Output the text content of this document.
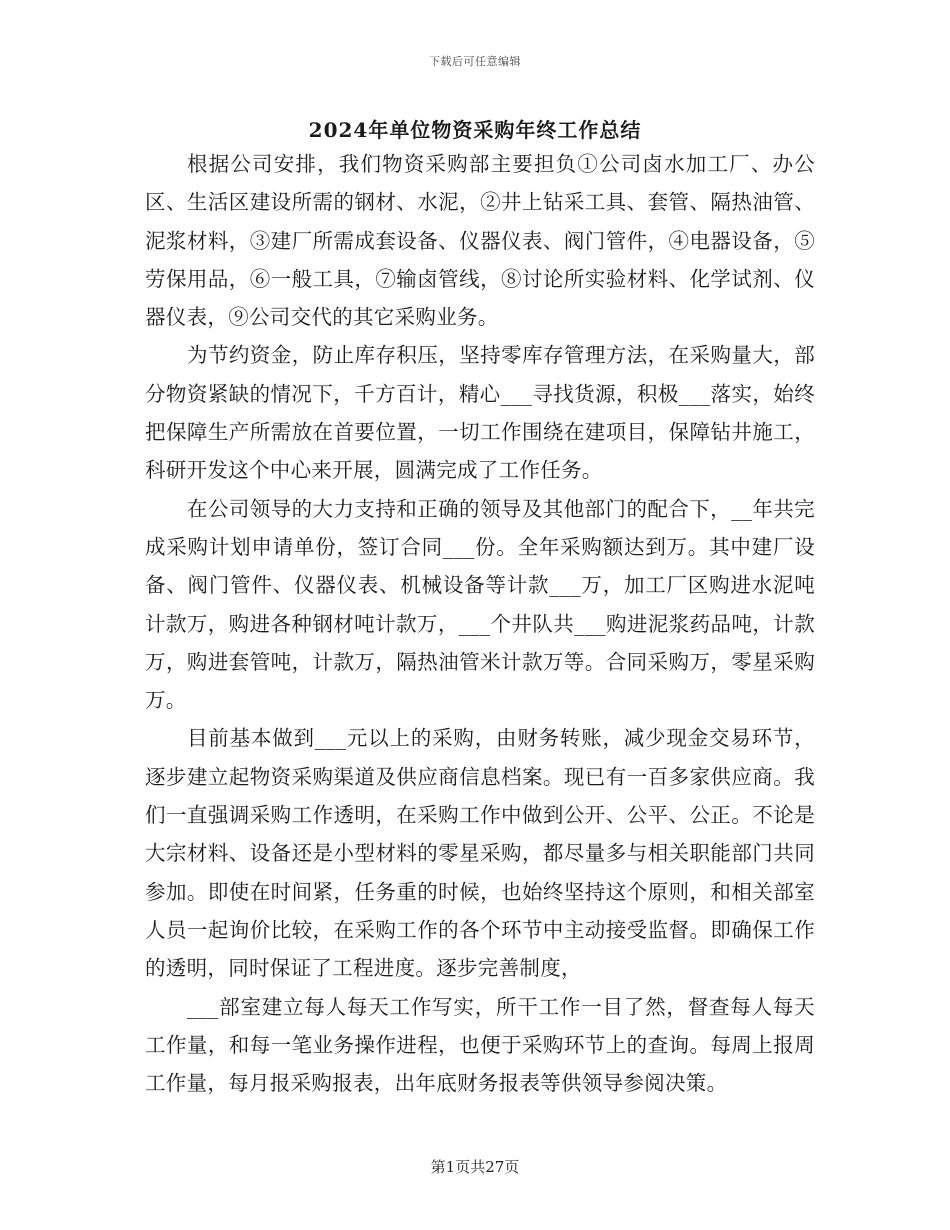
下载后可任意编辑
2024年单位物资采购年终工作总结

根据公司安排，我们物资采购部主要担负①公司卤水加工厂、办公区、生活区建设所需的钢材、水泥，②井上钻采工具、套管、隔热油管、泥浆材料，③建厂所需成套设备、仪器仪表、阀门管件，④电器设备，⑤劳保用品，⑥一般工具，⑦输卤管线，⑧讨论所实验材料、化学试剂、仪器仪表，⑨公司交代的其它采购业务。

为节约资金，防止库存积压，坚持零库存管理方法，在采购量大，部分物资紧缺的情况下，千方百计，精心___寻找货源，积极___落实，始终把保障生产所需放在首要位置，一切工作围绕在建项目，保障钻井施工，科研开发这个中心来开展，圆满完成了工作任务。

在公司领导的大力支持和正确的领导及其他部门的配合下，__年共完成采购计划申请单份，签订合同___份。全年采购额达到万。其中建厂设备、阀门管件、仪器仪表、机械设备等计款___万，加工厂区购进水泥吨计款万，购进各种钢材吨计款万，___个井队共___购进泥浆药品吨，计款万，购进套管吨，计款万，隔热油管米计款万等。合同采购万，零星采购万。

目前基本做到___元以上的采购，由财务转账，减少现金交易环节，逐步建立起物资采购渠道及供应商信息档案。现已有一百多家供应商。我们一直强调采购工作透明，在采购工作中做到公开、公平、公正。不论是大宗材料、设备还是小型材料的零星采购，都尽量多与相关职能部门共同参加。即使在时间紧，任务重的时候，也始终坚持这个原则，和相关部室人员一起询价比较，在采购工作的各个环节中主动接受监督。即确保工作的透明，同时保证了工程进度。逐步完善制度，

___部室建立每人每天工作写实，所干工作一目了然，督查每人每天工作量，和每一笔业务操作进程，也便于采购环节上的查询。每周上报周工作量，每月报采购报表，出年底财务报表等供领导参阅决策。

第1页共27页
